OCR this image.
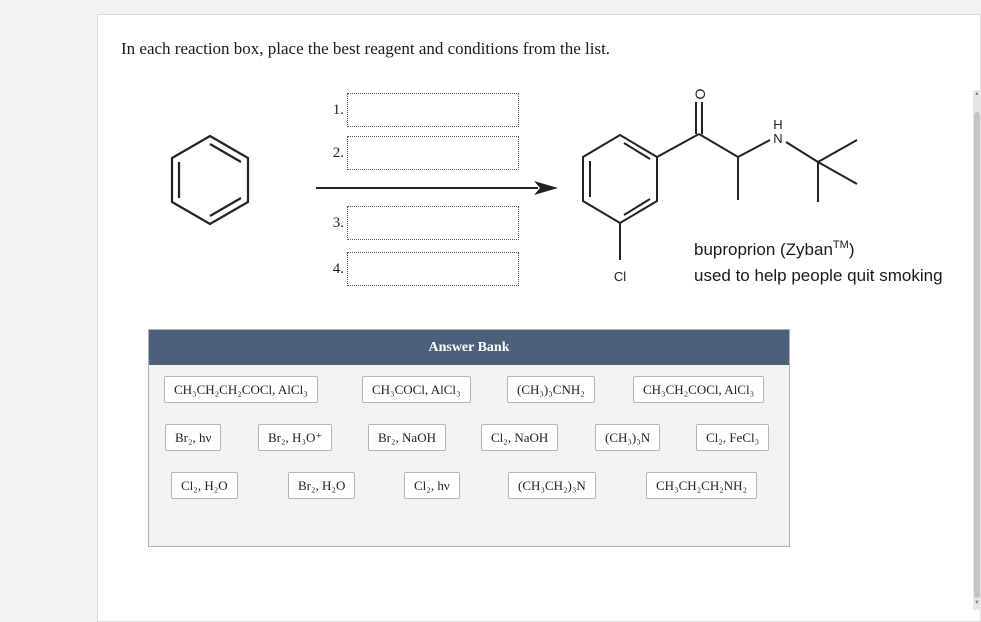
In each reaction box, place the best reagent and conditions from the list.
1.
2.
3.
4.
O
H
N
Cl
buproprion (Zyban™)
used to help people quit smoking
Answer Bank
CH₃CH₂CH₂COCl, AlCl₃	CH₃COCl, AlCl₃	(CH₃)₃CNH₂	CH₃CH₂COCl, AlCl₃
Br₂, hν	Br₂, H₃O⁺	Br₂, NaOH	Cl₂, NaOH	(CH₃)₃N	Cl₂, FeCl₃
Cl₂, H₂O	Br₂, H₂O	Cl₂, hν	(CH₃CH₂)₃N	CH₃CH₂CH₂NH₂
▲
▼
